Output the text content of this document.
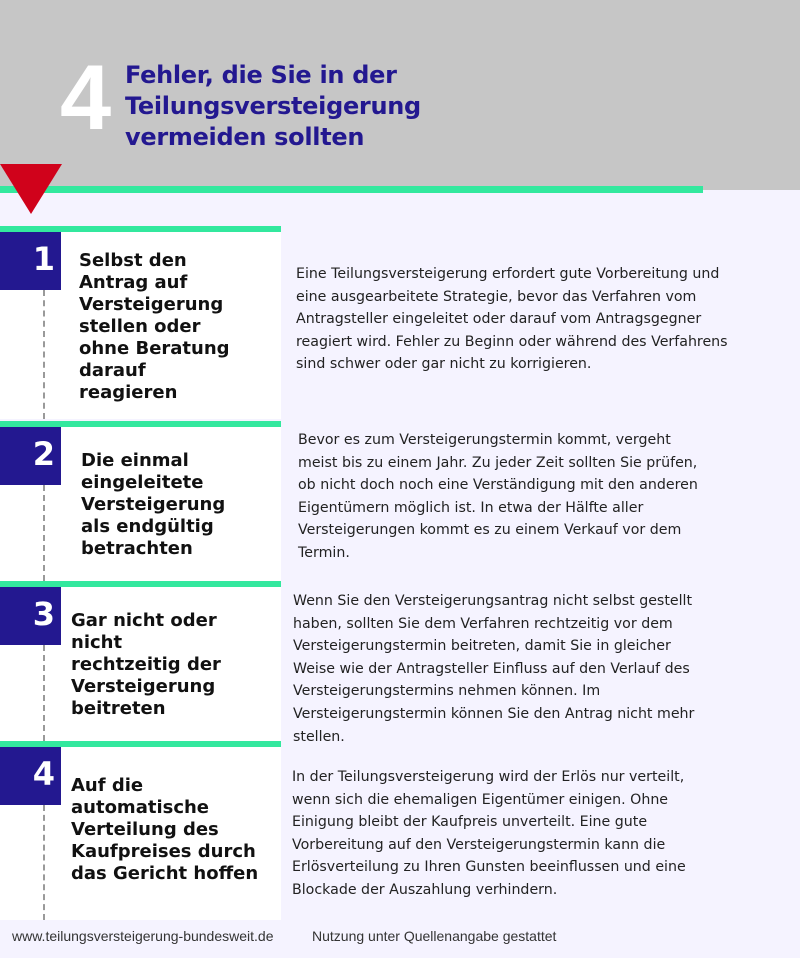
4 Fehler, die Sie in der
Teilungsversteigerung
vermeiden sollten
1 Selbst den
Antrag auf
Versteigerung
stellen oder
ohne Beratung
darauf
reagieren
Eine Teilungsversteigerung erfordert gute Vorbereitung und
eine ausgearbeitete Strategie, bevor das Verfahren vom
Antragsteller eingeleitet oder darauf vom Antragsgegner
reagiert wird. Fehler zu Beginn oder während des Verfahrens
sind schwer oder gar nicht zu korrigieren.
2 Die einmal
eingeleitete
Versteigerung
als endgültig
betrachten
Bevor es zum Versteigerungstermin kommt, vergeht
meist bis zu einem Jahr. Zu jeder Zeit sollten Sie prüfen,
ob nicht doch noch eine Verständigung mit den anderen
Eigentümern möglich ist. In etwa der Hälfte aller
Versteigerungen kommt es zu einem Verkauf vor dem
Termin.
3 Gar nicht oder
nicht
rechtzeitig der
Versteigerung
beitreten
Wenn Sie den Versteigerungsantrag nicht selbst gestellt
haben, sollten Sie dem Verfahren rechtzeitig vor dem
Versteigerungstermin beitreten, damit Sie in gleicher
Weise wie der Antragsteller Einfluss auf den Verlauf des
Versteigerungstermins nehmen können. Im
Versteigerungstermin können Sie den Antrag nicht mehr
stellen.
4 Auf die
automatische
Verteilung des
Kaufpreises durch
das Gericht hoffen
In der Teilungsversteigerung wird der Erlös nur verteilt,
wenn sich die ehemaligen Eigentümer einigen. Ohne
Einigung bleibt der Kaufpreis unverteilt. Eine gute
Vorbereitung auf den Versteigerungstermin kann die
Erlösverteilung zu Ihren Gunsten beeinflussen und eine
Blockade der Auszahlung verhindern.
www.teilungsversteigerung-bundesweit.de	Nutzung unter Quellenangabe gestattet
